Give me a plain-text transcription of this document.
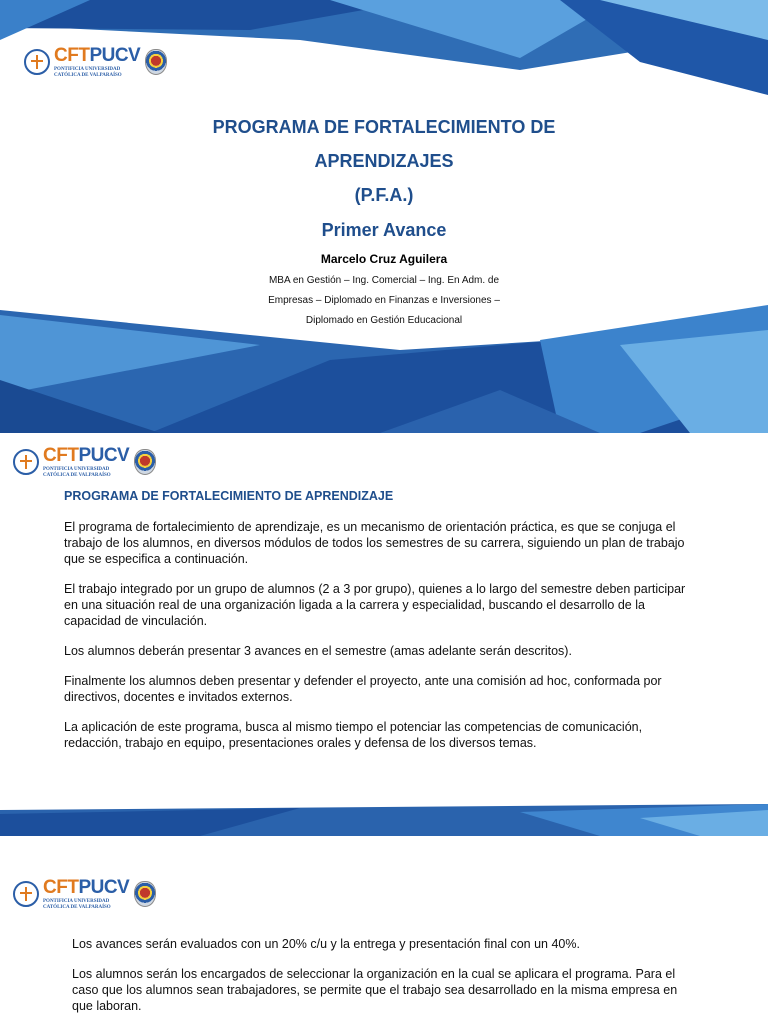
CFTPUCV
PONTIFICIA UNIVERSIDAD
CATÓLICA DE VALPARAÍSO
PROGRAMA DE FORTALECIMIENTO DE
APRENDIZAJES
(P.F.A.)
Primer Avance
Marcelo Cruz Aguilera
MBA en Gestión – Ing. Comercial – Ing. En Adm. de
Empresas – Diplomado en Finanzas e Inversiones –
Diplomado en Gestión Educacional
CFTPUCV
PONTIFICIA UNIVERSIDAD
CATÓLICA DE VALPARAÍSO
PROGRAMA DE FORTALECIMIENTO DE APRENDIZAJE

El programa de fortalecimiento de aprendizaje, es un mecanismo de orientación práctica, es que se conjuga el trabajo de los alumnos, en diversos módulos de todos los semestres de su carrera, siguiendo un plan de trabajo que se especifica a continuación.

El trabajo integrado por un grupo de alumnos (2 a 3 por grupo), quienes a lo largo del semestre deben participar en una situación real de una organización ligada a la carrera y especialidad, buscando el desarrollo de la capacidad de vinculación.

Los alumnos deberán presentar 3 avances en el semestre (amas adelante serán descritos).

Finalmente los alumnos deben presentar y defender el proyecto, ante una comisión ad hoc, conformada por directivos, docentes e invitados externos.

La aplicación de este programa, busca al mismo tiempo el potenciar las competencias de comunicación, redacción, trabajo en equipo, presentaciones orales y defensa de los diversos temas.

CFTPUCV
PONTIFICIA UNIVERSIDAD
CATÓLICA DE VALPARAÍSO

Los avances serán evaluados con un 20% c/u y la entrega y presentación final con un 40%.

Los alumnos serán los encargados de seleccionar la organización en la cual se aplicara el programa. Para el caso que los alumnos sean trabajadores, se permite que el trabajo sea desarrollado en la misma empresa en que laboran.
